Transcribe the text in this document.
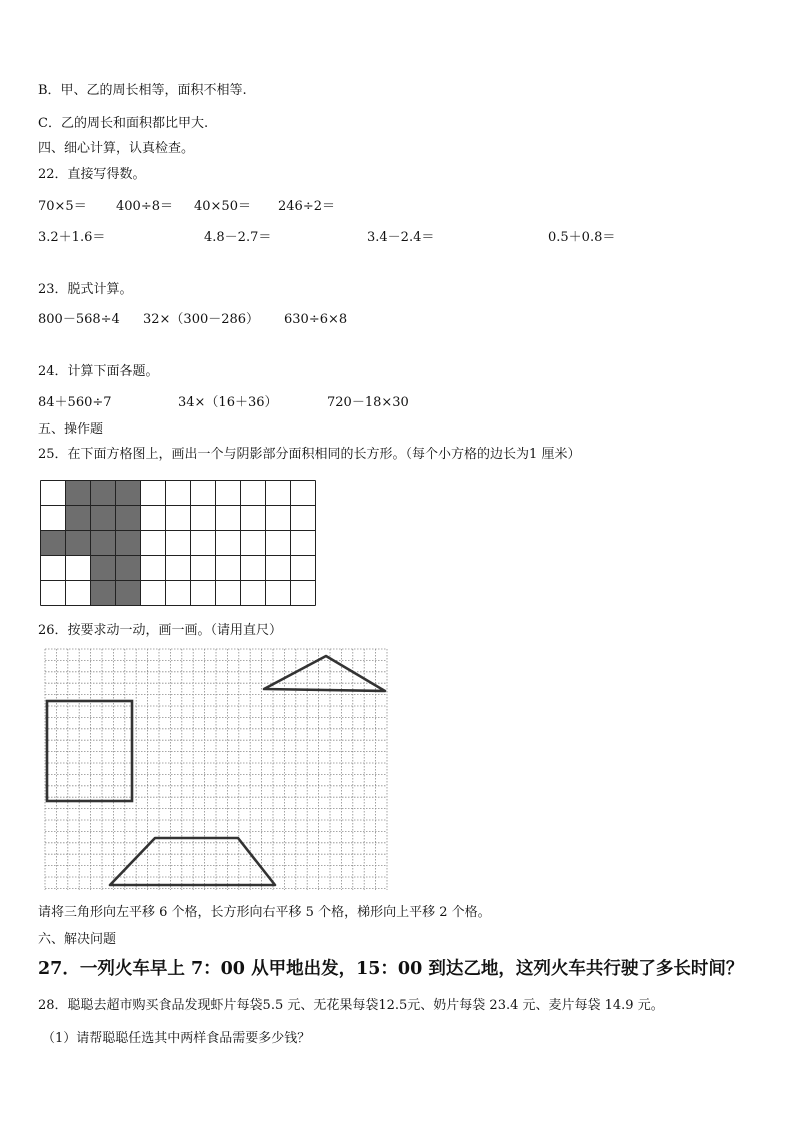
B．甲、乙的周长相等，面积不相等.
C．乙的周长和面积都比甲大.
四、细心计算，认真检查。
22．直接写得数。
70×5＝ 400÷8＝ 40×50＝ 246÷2＝
3.2＋1.6＝	4.8－2.7＝	3.4－2.4＝	0.5＋0.8＝
23．脱式计算。
800－568÷4 32×（300－286） 630÷6×8
24．计算下面各题。
84＋560÷7	34×（16＋36）	720－18×30
五、操作题
25．在下面方格图上，画出一个与阴影部分面积相同的长方形。（每个小方格的边长为1 厘米）
26．按要求动一动，画一画。（请用直尺）
请将三角形向左平移 6 个格，长方形向右平移 5 个格，梯形向上平移 2 个格。
六、解决问题
27．一列火车早上 7：00 从甲地出发，15：00 到达乙地，这列火车共行驶了多长时间？
28．聪聪去超市购买食品发现虾片每袋5.5 元、无花果每袋12.5元、奶片每袋 23.4 元、麦片每袋 14.9 元。
（1）请帮聪聪任选其中两样食品需要多少钱？
